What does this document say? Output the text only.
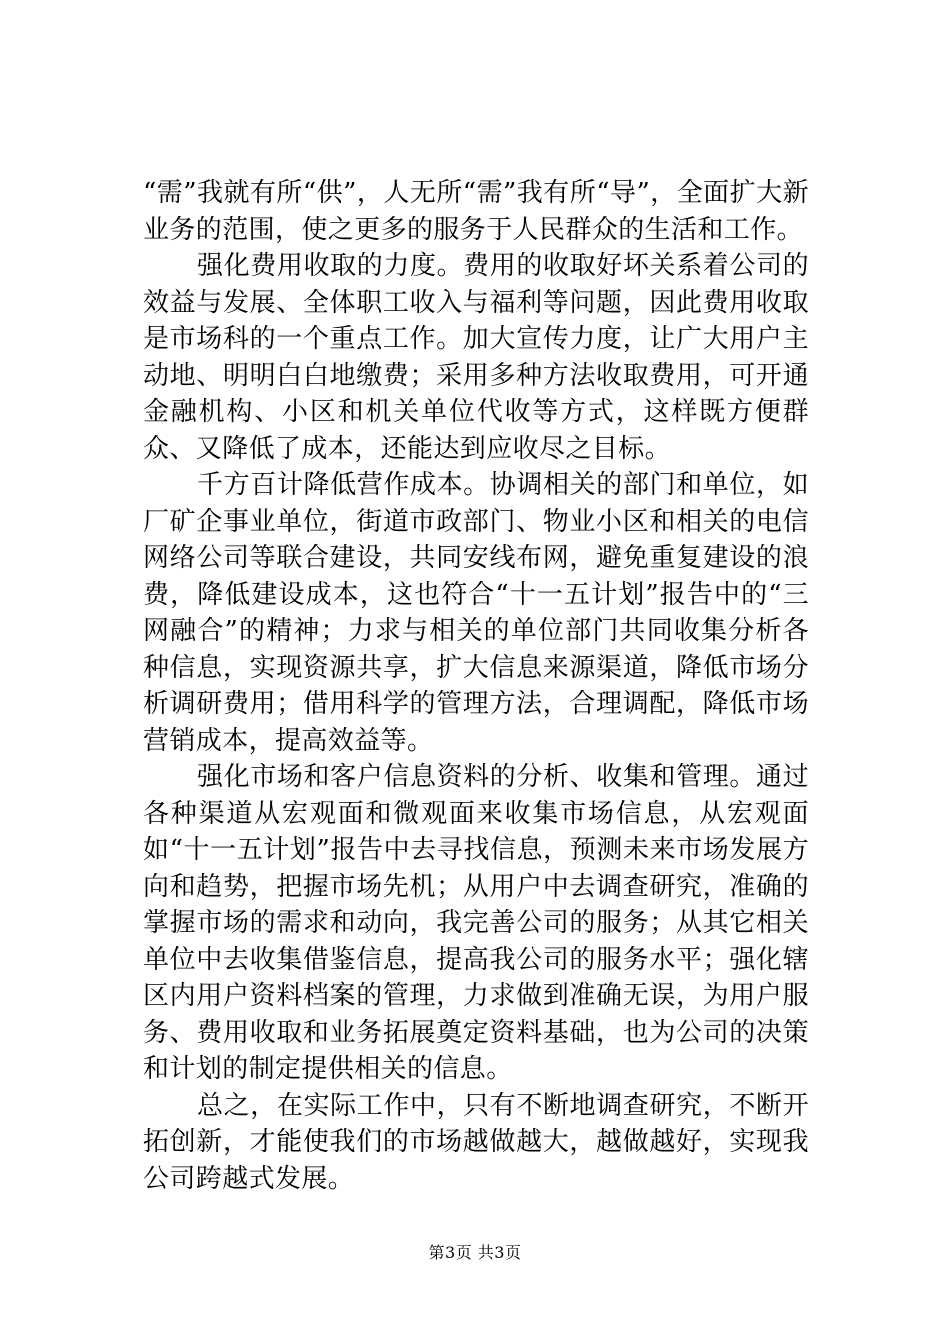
“需”我就有所“供”，人无所“需”我有所“导”，全面扩大新业务的范围，使之更多的服务于人民群众的生活和工作。

强化费用收取的力度。费用的收取好坏关系着公司的效益与发展、全体职工收入与福利等问题，因此费用收取是市场科的一个重点工作。加大宣传力度，让广大用户主动地、明明白白地缴费；采用多种方法收取费用，可开通金融机构、小区和机关单位代收等方式，这样既方便群众、又降低了成本，还能达到应收尽之目标。

千方百计降低营作成本。协调相关的部门和单位，如厂矿企事业单位，街道市政部门、物业小区和相关的电信网络公司等联合建设，共同安线布网，避免重复建设的浪费，降低建设成本，这也符合“十一五计划”报告中的“三网融合”的精神；力求与相关的单位部门共同收集分析各种信息，实现资源共享，扩大信息来源渠道，降低市场分析调研费用；借用科学的管理方法，合理调配，降低市场营销成本，提高效益等。

强化市场和客户信息资料的分析、收集和管理。通过各种渠道从宏观面和微观面来收集市场信息，从宏观面如“十一五计划”报告中去寻找信息，预测未来市场发展方向和趋势，把握市场先机；从用户中去调查研究，准确的掌握市场的需求和动向，我完善公司的服务；从其它相关单位中去收集借鉴信息，提高我公司的服务水平；强化辖区内用户资料档案的管理，力求做到准确无误，为用户服务、费用收取和业务拓展奠定资料基础，也为公司的决策和计划的制定提供相关的信息。

总之，在实际工作中，只有不断地调查研究，不断开拓创新，才能使我们的市场越做越大，越做越好，实现我公司跨越式发展。

第3页 共3页
